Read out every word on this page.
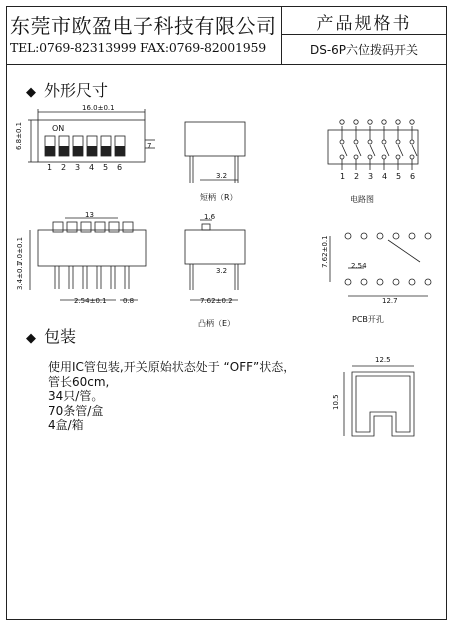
东莞市欧盈电子科技有限公司
TEL:0769-82313999 FAX:0769-82001959
产品规格书
DS-6P六位拨码开关
◆ 外形尺寸
◆ 包装
ON
16.0±0.1
6.8±0.1	7
1 2 3 4 5 6
3.2
短柄（R）
1 2 3 4 5 6
电路图
13
2.54±0.1 0.8
7.0±0.1
3.4±0.1
1.6
3.2
7.62±0.2
凸柄（E）
7.62±0.1	2.54
12.7
PCB开孔
12.5
10.5
使用IC管包装,开关原始状态处于 “OFF”状态，
管长60cm,
34只/管。
70条管/盒
4盒/箱
